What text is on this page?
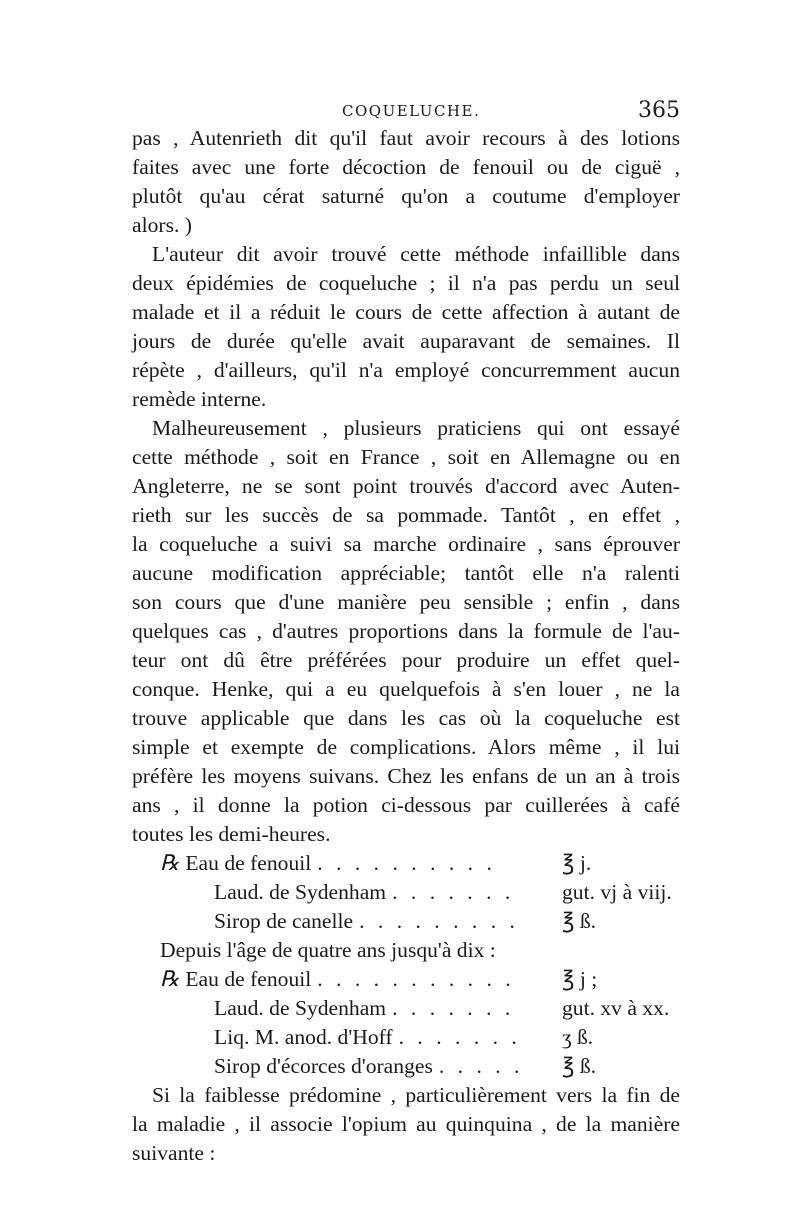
COQUELUCHE.	365
pas , Autenrieth dit qu'il faut avoir recours à des lotions
faites avec une forte décoction de fenouil ou de ciguë ,
plutôt qu'au cérat saturné qu'on a coutume d'employer
alors. )
L'auteur dit avoir trouvé cette méthode infaillible dans
deux épidémies de coqueluche ; il n'a pas perdu un seul
malade et il a réduit le cours de cette affection à autant de
jours de durée qu'elle avait auparavant de semaines. Il
répète , d'ailleurs, qu'il n'a employé concurremment aucun
remède interne.
Malheureusement , plusieurs praticiens qui ont essayé
cette méthode , soit en France , soit en Allemagne ou en
Angleterre, ne se sont point trouvés d'accord avec Auten-
rieth sur les succès de sa pommade. Tantôt , en effet ,
la coqueluche a suivi sa marche ordinaire , sans éprouver
aucune modification appréciable; tantôt elle n'a ralenti
son cours que d'une manière peu sensible ; enfin , dans
quelques cas , d'autres proportions dans la formule de l'au-
teur ont dû être préférées pour produire un effet quel-
conque. Henke, qui a eu quelquefois à s'en louer , ne la
trouve applicable que dans les cas où la coqueluche est
simple et exempte de complications. Alors même , il lui
préfère les moyens suivans. Chez les enfans de un an à trois
ans , il donne la potion ci-dessous par cuillerées à café
toutes les demi-heures.
℞ Eau de fenouil . . . . . . . . . .	℥ j.
Laud. de Sydenham . . . . . . .	gut. vj à viij.
Sirop de canelle . . . . . . . . .	℥ ß.
Depuis l'âge de quatre ans jusqu'à dix :
℞ Eau de fenouil . . . . . . . . . . .	℥ j ;
Laud. de Sydenham . . . . . . .	gut. xv à xx.
Liq. M. anod. d'Hoff . . . . . . .	ʒ ß.
Sirop d'écorces d'oranges . . . . .	℥ ß.
Si la faiblesse prédomine , particulièrement vers la fin de
la maladie , il associe l'opium au quinquina , de la manière
suivante :
